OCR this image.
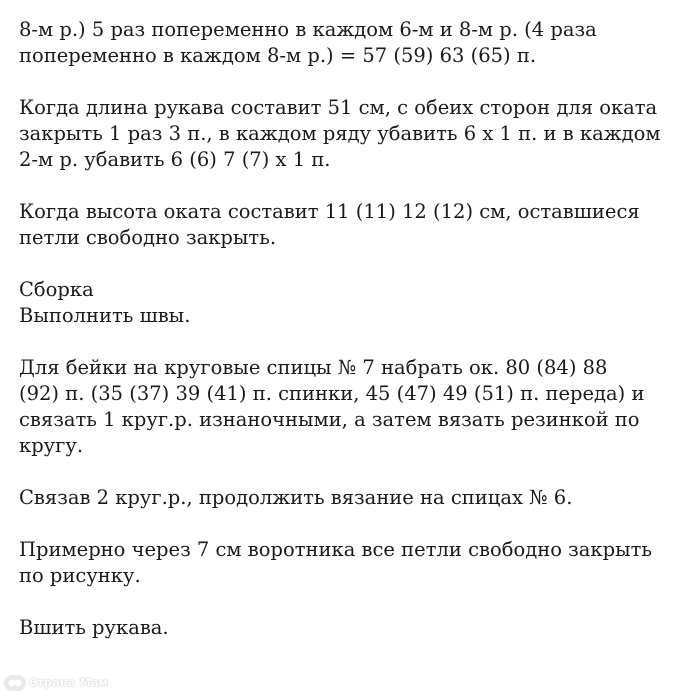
8-м р.) 5 раз попеременно в каждом 6-м и 8-м р. (4 раза
попеременно в каждом 8-м р.) = 57 (59) 63 (65) п.

Когда длина рукава составит 51 см, с обеих сторон для оката
закрыть 1 раз 3 п., в каждом ряду убавить 6 х 1 п. и в каждом
2-м р. убавить 6 (6) 7 (7) х 1 п.

Когда высота оката составит 11 (11) 12 (12) см, оставшиеся
петли свободно закрыть.

Сборка
Выполнить швы.

Для бейки на круговые спицы № 7 набрать ок. 80 (84) 88
(92) п. (35 (37) 39 (41) п. спинки, 45 (47) 49 (51) п. переда) и
связать 1 круг.р. изнаночными, а затем вязать резинкой по
кругу.

Связав 2 круг.р., продолжить вязание на спицах № 6.

Примерно через 7 см воротника все петли свободно закрыть
по рисунку.

Вшить рукава.

Страна Мам
